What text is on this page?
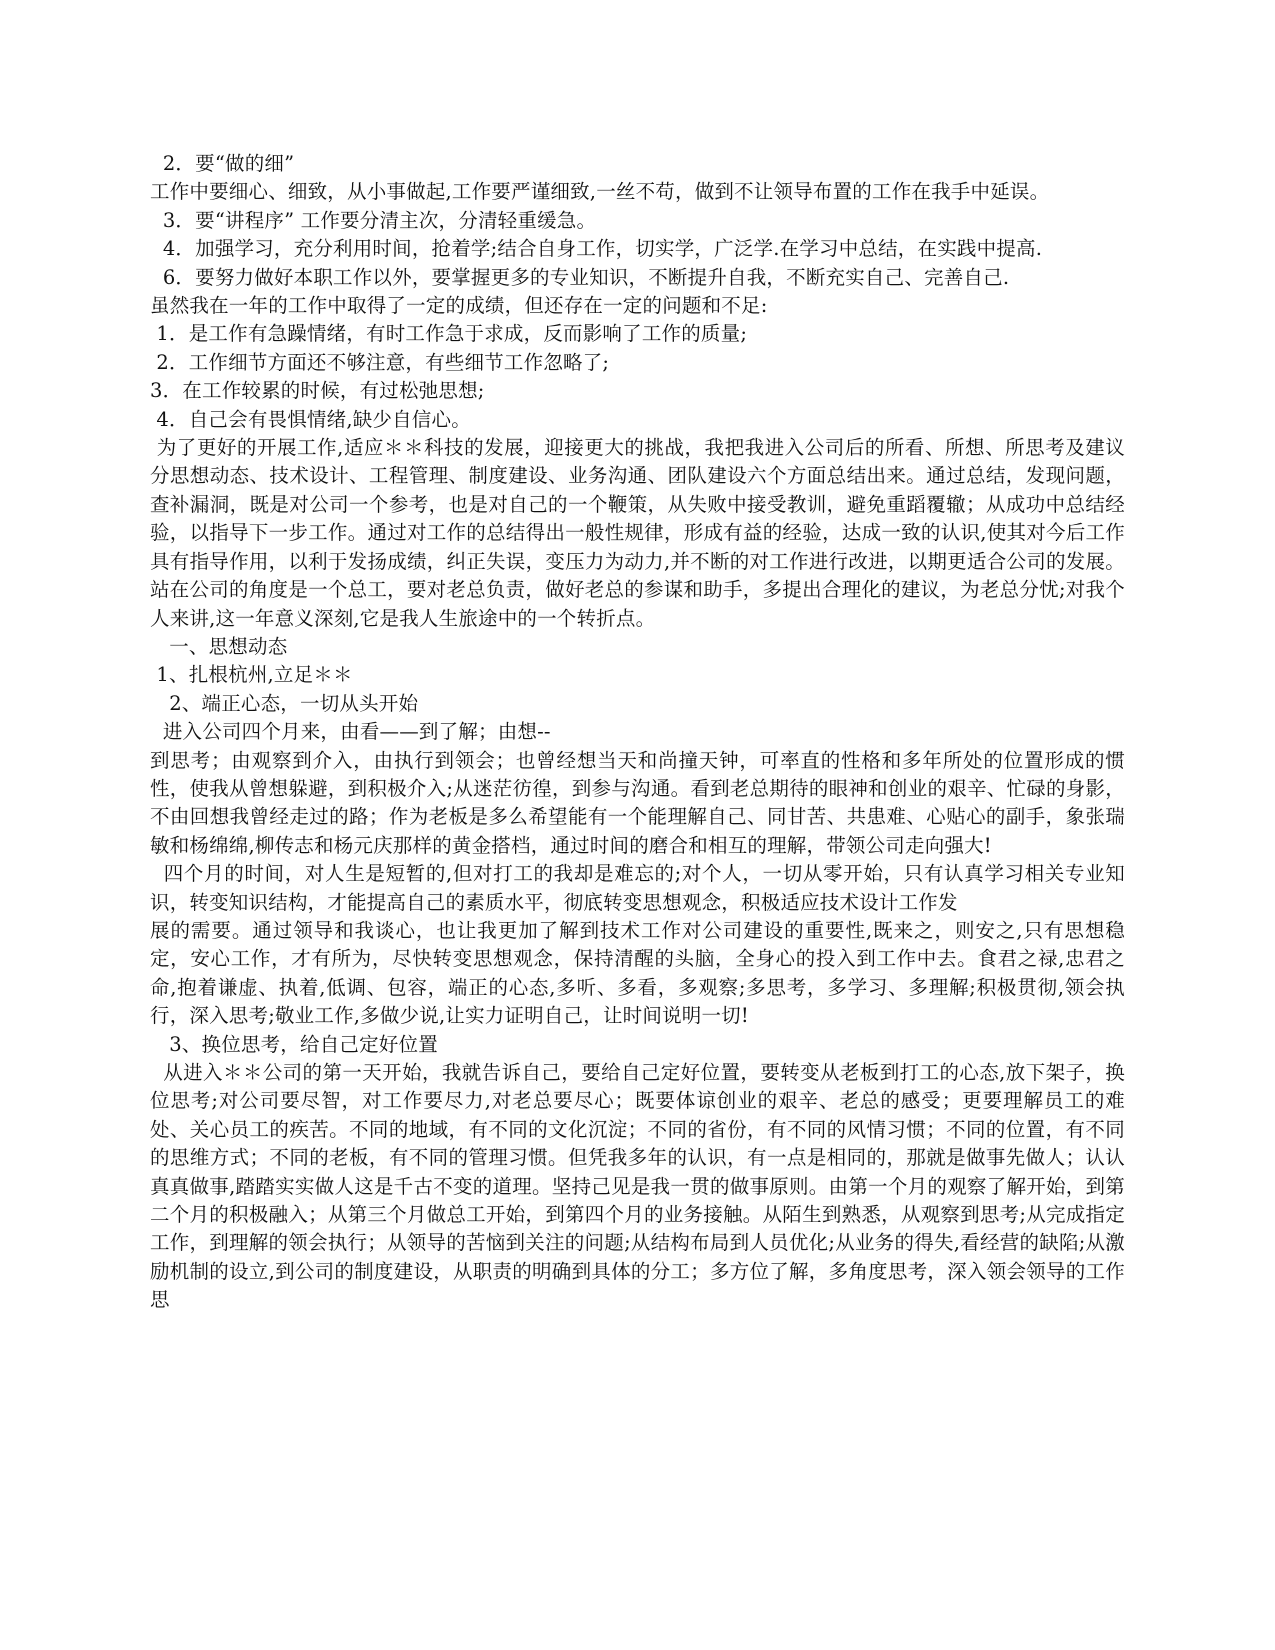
2．要“做的细”

工作中要细心、细致，从小事做起,工作要严谨细致,一丝不苟，做到不让领导布置的工作在我手中延误。

3．要“讲程序” 工作要分清主次，分清轻重缓急。

4．加强学习，充分利用时间，抢着学;结合自身工作，切实学，广泛学.在学习中总结，在实践中提高.

6．要努力做好本职工作以外，要掌握更多的专业知识，不断提升自我，不断充实自己、完善自己.

虽然我在一年的工作中取得了一定的成绩，但还存在一定的问题和不足:

1．是工作有急躁情绪，有时工作急于求成，反而影响了工作的质量;

2．工作细节方面还不够注意，有些细节工作忽略了;

3．在工作较累的时候，有过松弛思想;

4．自己会有畏惧情绪,缺少自信心。

为了更好的开展工作,适应＊＊科技的发展，迎接更大的挑战，我把我进入公司后的所看、所想、所思考及建议分思想动态、技术设计、工程管理、制度建设、业务沟通、团队建设六个方面总结出来。通过总结，发现问题，查补漏洞，既是对公司一个参考，也是对自己的一个鞭策，从失败中接受教训，避免重蹈覆辙；从成功中总结经验，以指导下一步工作。通过对工作的总结得出一般性规律，形成有益的经验，达成一致的认识,使其对今后工作具有指导作用，以利于发扬成绩，纠正失误，变压力为动力,并不断的对工作进行改进，以期更适合公司的发展。站在公司的角度是一个总工，要对老总负责，做好老总的参谋和助手，多提出合理化的建议，为老总分忧;对我个人来讲,这一年意义深刻,它是我人生旅途中的一个转折点。

一、思想动态

1、扎根杭州,立足＊＊

2、端正心态，一切从头开始

进入公司四个月来，由看——到了解；由想--

到思考；由观察到介入，由执行到领会；也曾经想当天和尚撞天钟，可率直的性格和多年所处的位置形成的惯性，使我从曾想躲避，到积极介入;从迷茫彷徨，到参与沟通。看到老总期待的眼神和创业的艰辛、忙碌的身影，不由回想我曾经走过的路；作为老板是多么希望能有一个能理解自己、同甘苦、共患难、心贴心的副手，象张瑞敏和杨绵绵,柳传志和杨元庆那样的黄金搭档，通过时间的磨合和相互的理解，带领公司走向强大!

四个月的时间，对人生是短暂的,但对打工的我却是难忘的;对个人，一切从零开始，只有认真学习相关专业知识，转变知识结构，才能提高自己的素质水平，彻底转变思想观念，积极适应技术设计工作发

展的需要。通过领导和我谈心，也让我更加了解到技术工作对公司建设的重要性,既来之，则安之,只有思想稳定，安心工作，才有所为，尽快转变思想观念，保持清醒的头脑，全身心的投入到工作中去。食君之禄,忠君之命,抱着谦虚、执着,低调、包容，端正的心态,多听、多看，多观察;多思考，多学习、多理解;积极贯彻,领会执行，深入思考;敬业工作,多做少说,让实力证明自己，让时间说明一切!

3、换位思考，给自己定好位置

从进入＊＊公司的第一天开始，我就告诉自己，要给自己定好位置，要转变从老板到打工的心态,放下架子，换位思考;对公司要尽智，对工作要尽力,对老总要尽心；既要体谅创业的艰辛、老总的感受；更要理解员工的难处、关心员工的疾苦。不同的地域，有不同的文化沉淀；不同的省份，有不同的风情习惯；不同的位置，有不同的思维方式；不同的老板，有不同的管理习惯。但凭我多年的认识，有一点是相同的，那就是做事先做人；认认真真做事,踏踏实实做人这是千古不变的道理。坚持己见是我一贯的做事原则。由第一个月的观察了解开始，到第二个月的积极融入；从第三个月做总工开始，到第四个月的业务接触。从陌生到熟悉，从观察到思考;从完成指定工作，到理解的领会执行；从领导的苦恼到关注的问题;从结构布局到人员优化;从业务的得失,看经营的缺陷;从激励机制的设立,到公司的制度建设，从职责的明确到具体的分工；多方位了解，多角度思考，深入领会领导的工作思
